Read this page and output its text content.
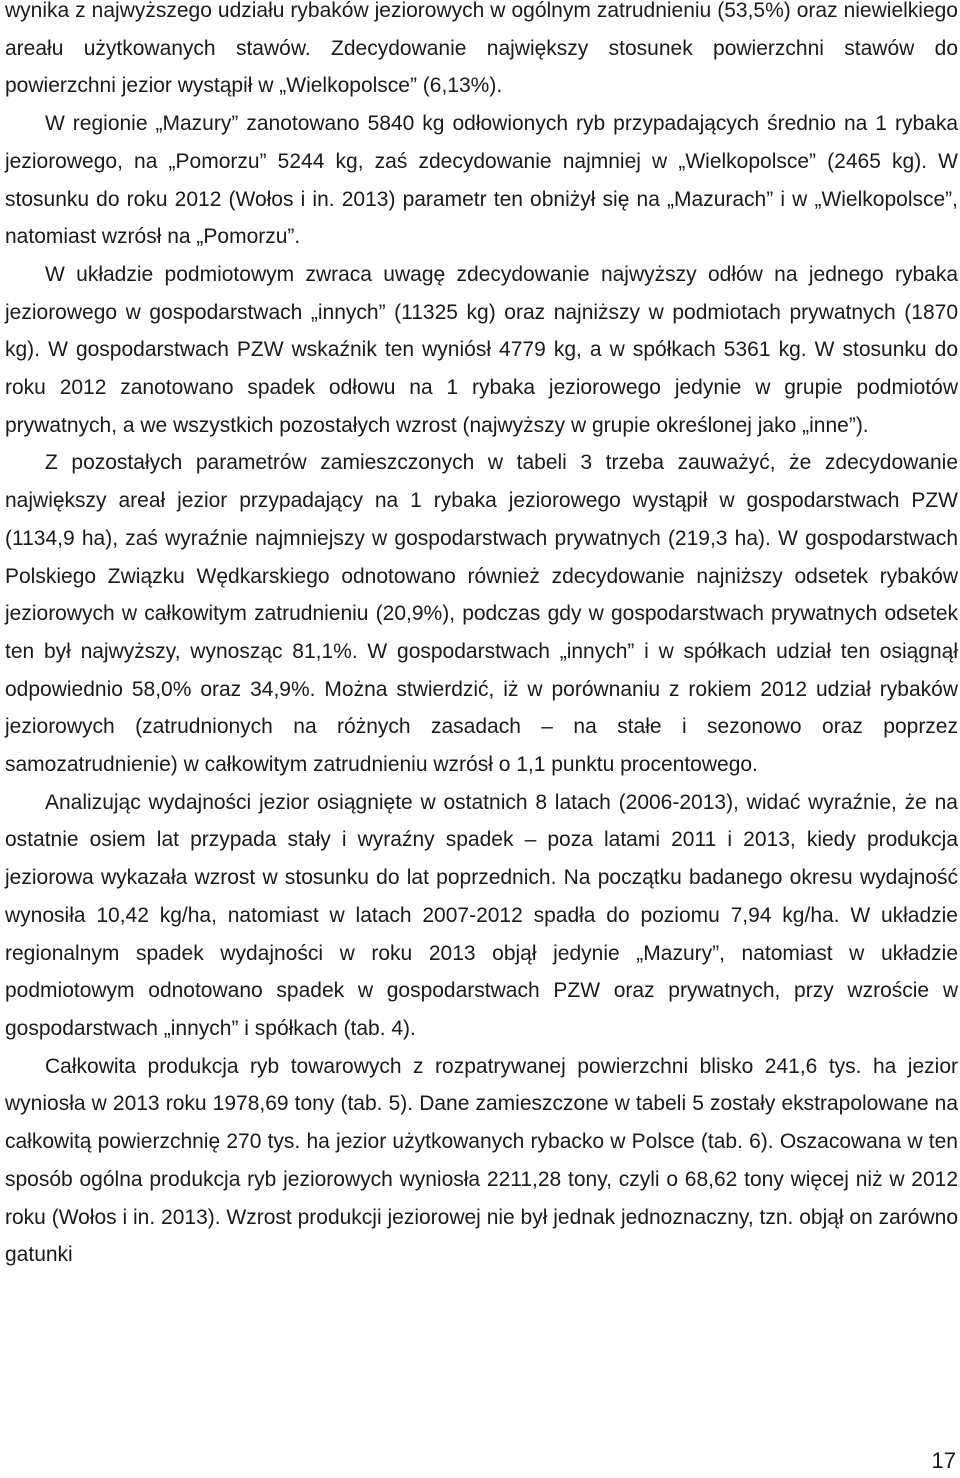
wynika z najwyższego udziału rybaków jeziorowych w ogólnym zatrudnieniu (53,5%) oraz niewielkiego areału użytkowanych stawów. Zdecydowanie największy stosunek powierzchni stawów do powierzchni jezior wystąpił w „Wielkopolsce” (6,13%).

W regionie „Mazury” zanotowano 5840 kg odłowionych ryb przypadających średnio na 1 rybaka jeziorowego, na „Pomorzu” 5244 kg, zaś zdecydowanie najmniej w „Wielkopolsce” (2465 kg). W stosunku do roku 2012 (Wołos i in. 2013) parametr ten obniżył się na „Mazurach” i w „Wielkopolsce”, natomiast wzrósł na „Pomorzu”.

W układzie podmiotowym zwraca uwagę zdecydowanie najwyższy odłów na jednego rybaka jeziorowego w gospodarstwach „innych” (11325 kg) oraz najniższy w podmiotach prywatnych (1870 kg). W gospodarstwach PZW wskaźnik ten wyniósł 4779 kg, a w spółkach 5361 kg. W stosunku do roku 2012 zanotowano spadek odłowu na 1 rybaka jeziorowego jedynie w grupie podmiotów prywatnych, a we wszystkich pozostałych wzrost (najwyższy w grupie określonej jako „inne”).

Z pozostałych parametrów zamieszczonych w tabeli 3 trzeba zauważyć, że zdecydowanie największy areał jezior przypadający na 1 rybaka jeziorowego wystąpił w gospodarstwach PZW (1134,9 ha), zaś wyraźnie najmniejszy w gospodarstwach prywatnych (219,3 ha). W gospodarstwach Polskiego Związku Wędkarskiego odnotowano również zdecydowanie najniższy odsetek rybaków jeziorowych w całkowitym zatrudnieniu (20,9%), podczas gdy w gospodarstwach prywatnych odsetek ten był najwyższy, wynosząc 81,1%. W gospodarstwach „innych” i w spółkach udział ten osiągnął odpowiednio 58,0% oraz 34,9%. Można stwierdzić, iż w porównaniu z rokiem 2012 udział rybaków jeziorowych (zatrudnionych na różnych zasadach – na stałe i sezonowo oraz poprzez samozatrudnienie) w całkowitym zatrudnieniu wzrósł o 1,1 punktu procentowego.

Analizując wydajności jezior osiągnięte w ostatnich 8 latach (2006-2013), widać wyraźnie, że na ostatnie osiem lat przypada stały i wyraźny spadek – poza latami 2011 i 2013, kiedy produkcja jeziorowa wykazała wzrost w stosunku do lat poprzednich. Na początku badanego okresu wydajność wynosiła 10,42 kg/ha, natomiast w latach 2007-2012 spadła do poziomu 7,94 kg/ha. W układzie regionalnym spadek wydajności w roku 2013 objął jedynie „Mazury”, natomiast w układzie podmiotowym odnotowano spadek w gospodarstwach PZW oraz prywatnych, przy wzroście w gospodarstwach „innych” i spółkach (tab. 4).

Całkowita produkcja ryb towarowych z rozpatrywanej powierzchni blisko 241,6 tys. ha jezior wyniosła w 2013 roku 1978,69 tony (tab. 5). Dane zamieszczone w tabeli 5 zostały ekstrapolowane na całkowitą powierzchnię 270 tys. ha jezior użytkowanych rybacko w Polsce (tab. 6). Oszacowana w ten sposób ogólna produkcja ryb jeziorowych wyniosła 2211,28 tony, czyli o 68,62 tony więcej niż w 2012 roku (Wołos i in. 2013). Wzrost produkcji jeziorowej nie był jednak jednoznaczny, tzn. objął on zarówno gatunki

17
